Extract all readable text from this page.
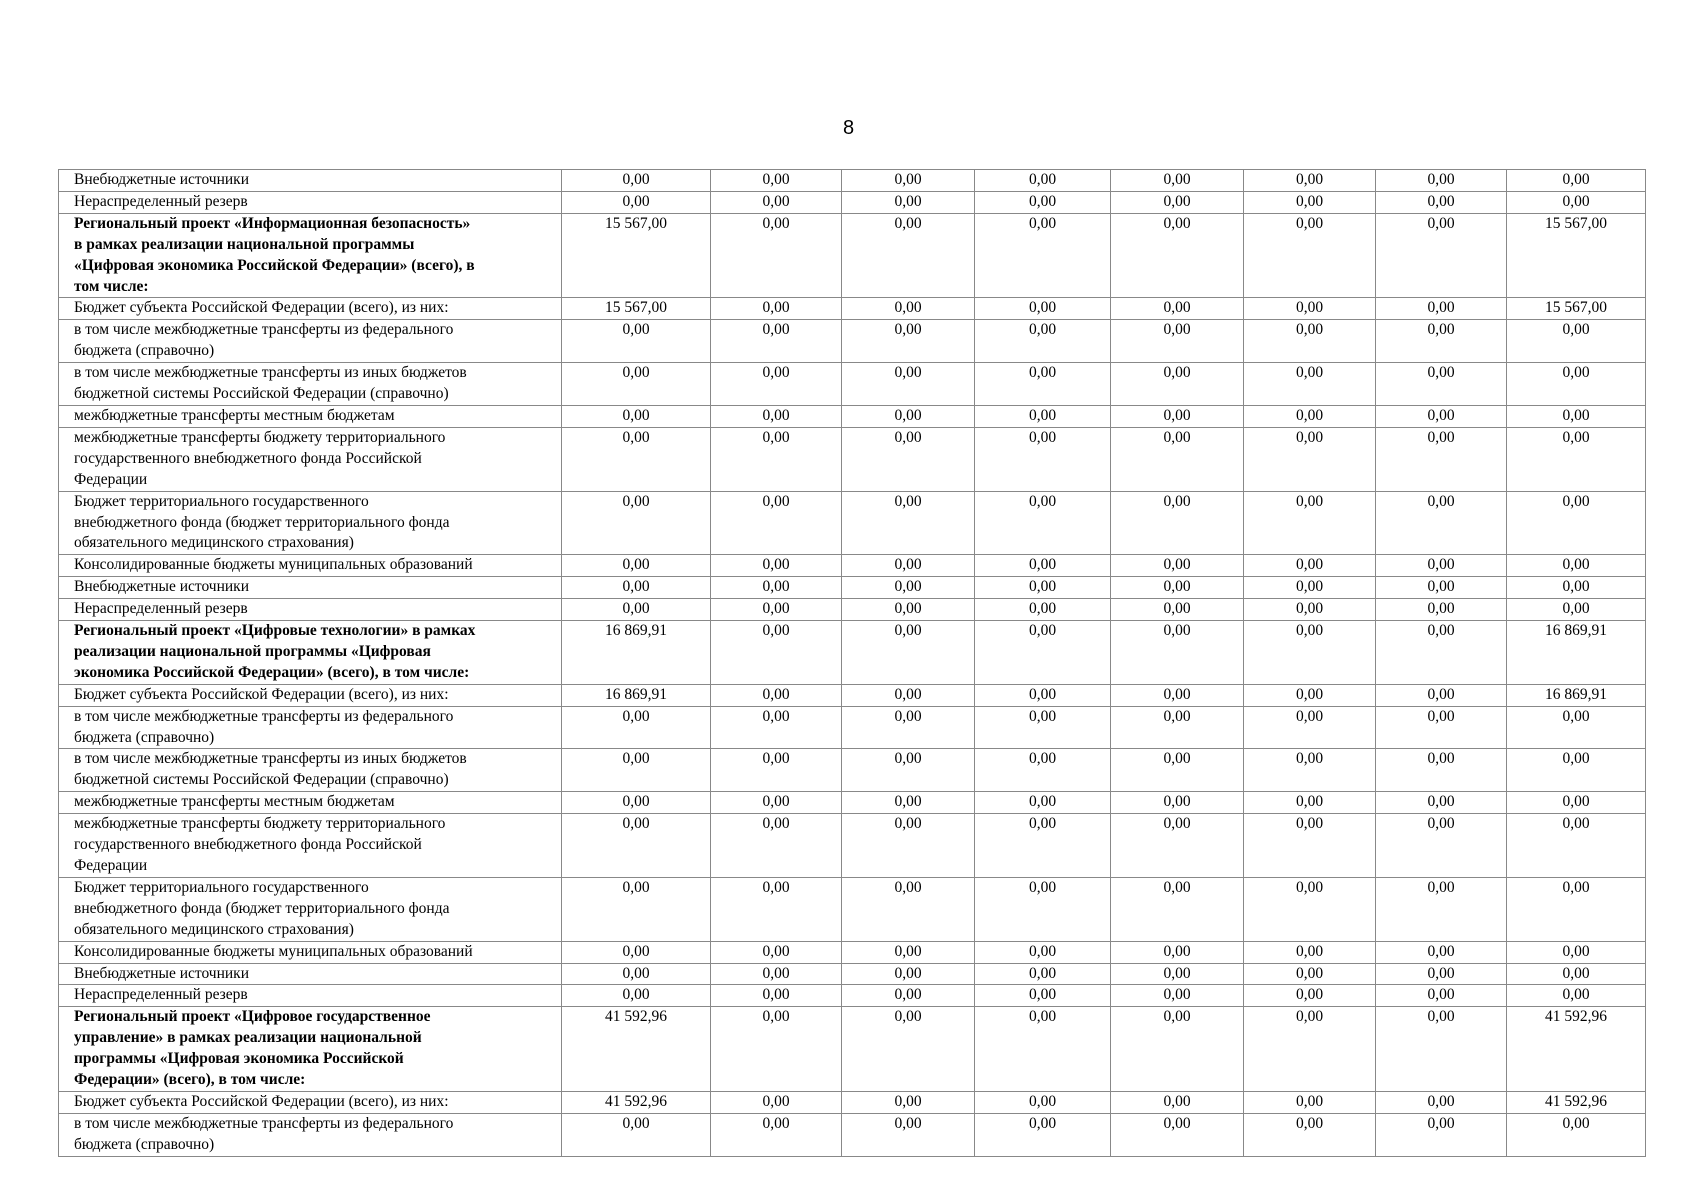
8
Внебюджетные источники	0,00	0,00	0,00	0,00	0,00	0,00	0,00	0,00

Нераспределенный резерв	0,00	0,00	0,00	0,00	0,00	0,00	0,00	0,00

Региональный проект «Информационная безопасность»
в рамках реализации национальной программы
«Цифровая экономика Российской Федерации» (всего), в
том числе:	15 567,00	0,00	0,00	0,00	0,00	0,00	0,00	15 567,00

Бюджет субъекта Российской Федерации (всего), из них:	15 567,00	0,00	0,00	0,00	0,00	0,00	0,00	15 567,00

в том числе межбюджетные трансферты из федерального
бюджета (справочно)	0,00	0,00	0,00	0,00	0,00	0,00	0,00	0,00

в том числе межбюджетные трансферты из иных бюджетов
бюджетной системы Российской Федерации (справочно)	0,00	0,00	0,00	0,00	0,00	0,00	0,00	0,00

межбюджетные трансферты местным бюджетам	0,00	0,00	0,00	0,00	0,00	0,00	0,00	0,00

межбюджетные трансферты бюджету территориального
государственного внебюджетного фонда Российской
Федерации	0,00	0,00	0,00	0,00	0,00	0,00	0,00	0,00

Бюджет территориального государственного
внебюджетного фонда (бюджет территориального фонда
обязательного медицинского страхования)	0,00	0,00	0,00	0,00	0,00	0,00	0,00	0,00

Консолидированные бюджеты муниципальных образований	0,00	0,00	0,00	0,00	0,00	0,00	0,00	0,00

Внебюджетные источники	0,00	0,00	0,00	0,00	0,00	0,00	0,00	0,00

Нераспределенный резерв	0,00	0,00	0,00	0,00	0,00	0,00	0,00	0,00

Региональный проект «Цифровые технологии» в рамках
реализации национальной программы «Цифровая
экономика Российской Федерации» (всего), в том числе:	16 869,91	0,00	0,00	0,00	0,00	0,00	0,00	16 869,91

Бюджет субъекта Российской Федерации (всего), из них:	16 869,91	0,00	0,00	0,00	0,00	0,00	0,00	16 869,91

в том числе межбюджетные трансферты из федерального
бюджета (справочно)	0,00	0,00	0,00	0,00	0,00	0,00	0,00	0,00

в том числе межбюджетные трансферты из иных бюджетов
бюджетной системы Российской Федерации (справочно)	0,00	0,00	0,00	0,00	0,00	0,00	0,00	0,00

межбюджетные трансферты местным бюджетам	0,00	0,00	0,00	0,00	0,00	0,00	0,00	0,00

межбюджетные трансферты бюджету территориального
государственного внебюджетного фонда Российской
Федерации	0,00	0,00	0,00	0,00	0,00	0,00	0,00	0,00

Бюджет территориального государственного
внебюджетного фонда (бюджет территориального фонда
обязательного медицинского страхования)	0,00	0,00	0,00	0,00	0,00	0,00	0,00	0,00

Консолидированные бюджеты муниципальных образований	0,00	0,00	0,00	0,00	0,00	0,00	0,00	0,00

Внебюджетные источники	0,00	0,00	0,00	0,00	0,00	0,00	0,00	0,00

Нераспределенный резерв	0,00	0,00	0,00	0,00	0,00	0,00	0,00	0,00

Региональный проект «Цифровое государственное
управление» в рамках реализации национальной
программы «Цифровая экономика Российской
Федерации» (всего), в том числе:	41 592,96	0,00	0,00	0,00	0,00	0,00	0,00	41 592,96

Бюджет субъекта Российской Федерации (всего), из них:	41 592,96	0,00	0,00	0,00	0,00	0,00	0,00	41 592,96

в том числе межбюджетные трансферты из федерального
бюджета (справочно)	0,00	0,00	0,00	0,00	0,00	0,00	0,00	0,00
